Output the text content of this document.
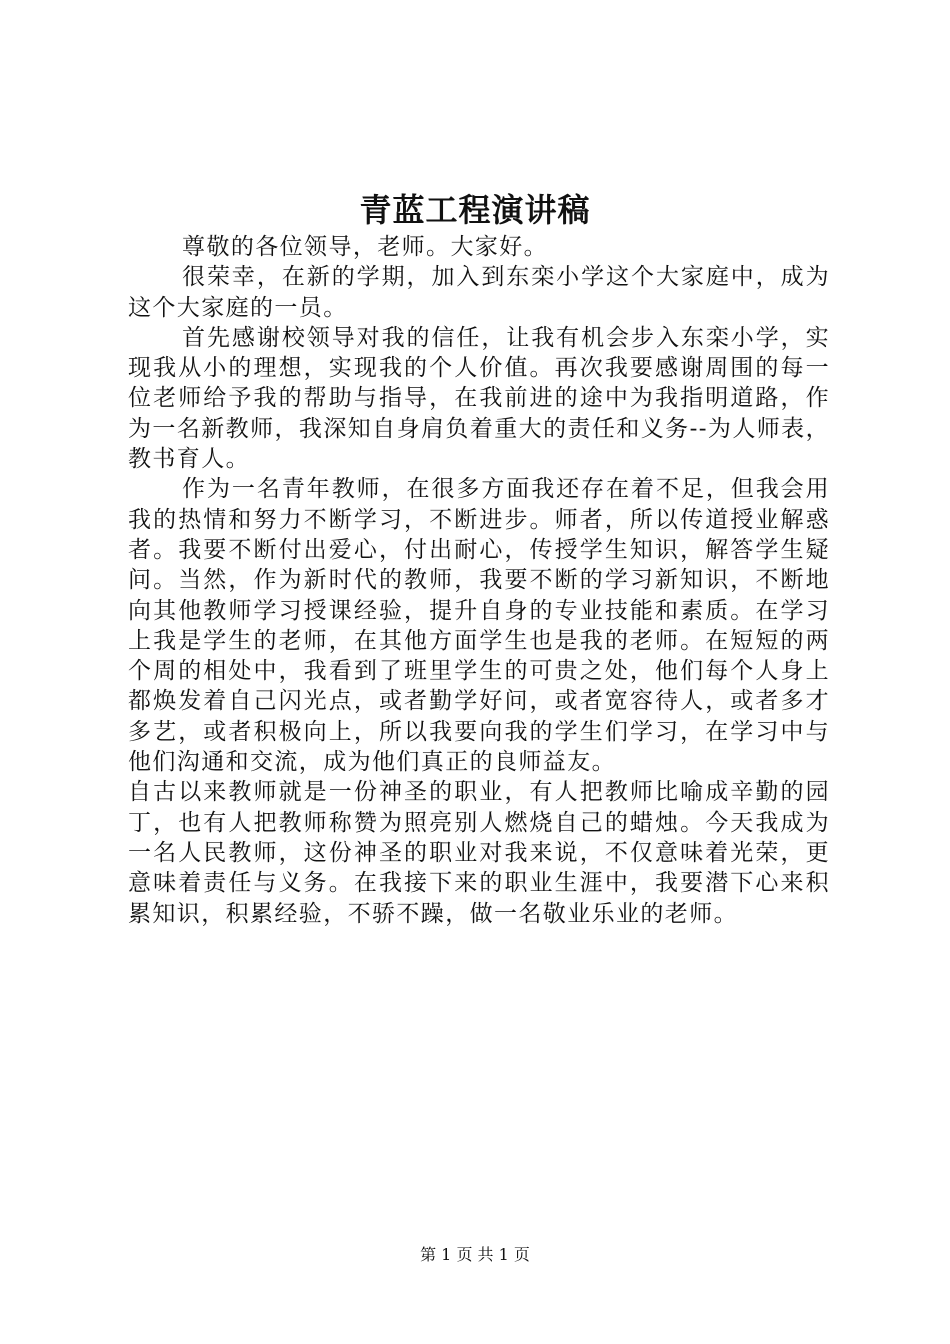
青蓝工程演讲稿

尊敬的各位领导，老师。大家好。

很荣幸，在新的学期，加入到东栾小学这个大家庭中，成为这个大家庭的一员。

首先感谢校领导对我的信任，让我有机会步入东栾小学，实现我从小的理想，实现我的个人价值。再次我要感谢周围的每一位老师给予我的帮助与指导，在我前进的途中为我指明道路，作为一名新教师，我深知自身肩负着重大的责任和义务--为人师表，教书育人。

作为一名青年教师，在很多方面我还存在着不足，但我会用我的热情和努力不断学习，不断进步。师者，所以传道授业解惑者。我要不断付出爱心，付出耐心，传授学生知识，解答学生疑问。当然，作为新时代的教师，我要不断的学习新知识，不断地向其他教师学习授课经验，提升自身的专业技能和素质。在学习上我是学生的老师，在其他方面学生也是我的老师。在短短的两个周的相处中，我看到了班里学生的可贵之处，他们每个人身上都焕发着自己闪光点，或者勤学好问，或者宽容待人，或者多才多艺，或者积极向上，所以我要向我的学生们学习，在学习中与他们沟通和交流，成为他们真正的良师益友。

自古以来教师就是一份神圣的职业，有人把教师比喻成辛勤的园丁，也有人把教师称赞为照亮别人燃烧自己的蜡烛。今天我成为一名人民教师，这份神圣的职业对我来说，不仅意味着光荣，更意味着责任与义务。在我接下来的职业生涯中，我要潜下心来积累知识，积累经验，不骄不躁，做一名敬业乐业的老师。

第 1 页 共 1 页
